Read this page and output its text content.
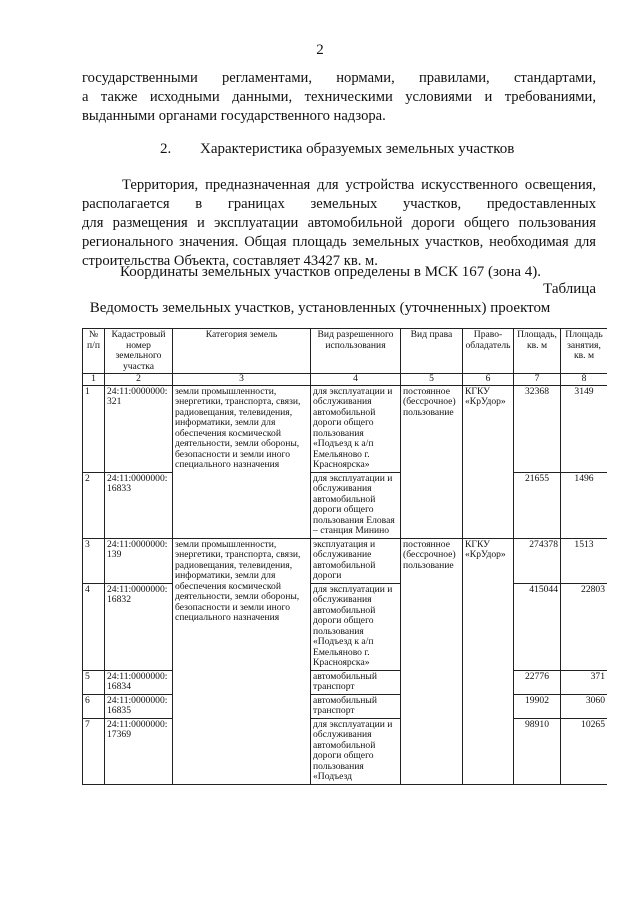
2
государственными регламентами, нормами, правилами, стандартами,
а также исходными данными, техническими условиями и требованиями,
выданными органами государственного надзора.
2. Характеристика образуемых земельных участков
Территория, предназначенная для устройства искусственного освещения,
располагается в границах земельных участков, предоставленных
для размещения и эксплуатации автомобильной дороги общего пользования
регионального значения. Общая площадь земельных участков, необходимая для
строительства Объекта, составляет 43427 кв. м.
Координаты земельных участков определены в МСК 167 (зона 4).
Таблица
Ведомость земельных участков, установленных (уточненных) проектом
№ п/п	Кадастровый номер земельного участка	Категория земель	Вид разрешенного использования	Вид права	Право-обладатель	Площадь, кв. м	Площадь занятия, кв. м
1	2	3	4	5	6	7	8
1	24:11:0000000: 321	земли промышленности, энергетики, транспорта, связи, радиовещания, телевидения, информатики, земли для обеспечения космической деятельности, земли обороны, безопасности и земли иного специального назначения	для эксплуатации и обслуживания автомобильной дороги общего пользования «Подъезд к а/п Емельяново г. Красноярска»	постоянное (бессрочное) пользование	КГКУ «КрУдор»	32368	3149
2	24:11:0000000: 16833		для эксплуатации и обслуживания автомобильной дороги общего пользования Еловая – станция Минино			21655	1496
3	24:11:0000000: 139	земли промышленности, энергетики, транспорта, связи, радиовещания, телевидения, информатики, земли для обеспечения космической деятельности, земли обороны, безопасности и земли иного специального назначения	эксплуатация и обслуживание автомобильной дороги	постоянное (бессрочное) пользование	КГКУ «КрУдор»	274378	1513
4	24:11:0000000: 16832		для эксплуатации и обслуживания автомобильной дороги общего пользования «Подъезд к а/п Емельяново г. Красноярска»			415044	22803
5	24:11:0000000: 16834		автомобильный транспорт			22776	371
6	24:11:0000000: 16835		автомобильный транспорт			19902	3060
7	24:11:0000000: 17369		для эксплуатации и обслуживания автомобильной дороги общего пользования «Подъезд			98910	10265
